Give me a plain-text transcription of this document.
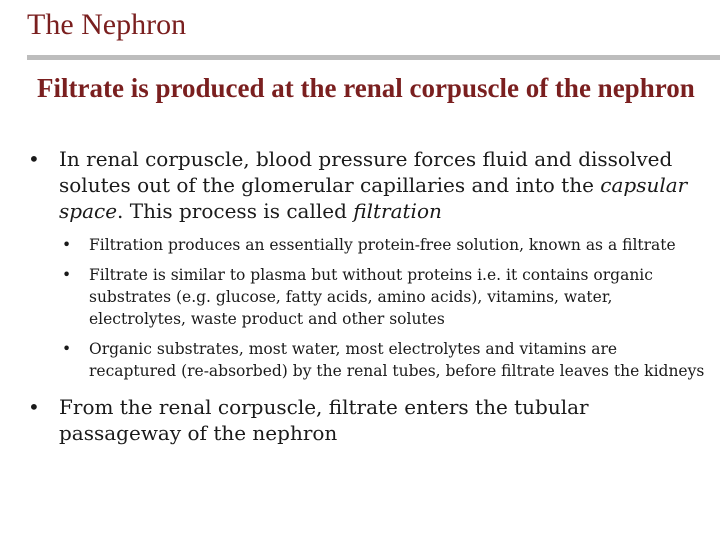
The Nephron
Filtrate is produced at the renal corpuscle of the nephron
• In renal corpuscle, blood pressure forces fluid and dissolved solutes out of the glomerular capillaries and into the capsular space. This process is called filtration
• Filtration produces an essentially protein-free solution, known as a filtrate
• Filtrate is similar to plasma but without proteins i.e. it contains organic substrates (e.g. glucose, fatty acids, amino acids), vitamins, water, electrolytes, waste product and other solutes
• Organic substrates, most water, most electrolytes and vitamins are recaptured (re-absorbed) by the renal tubes, before filtrate leaves the kidneys
• From the renal corpuscle, filtrate enters the tubular passageway of the nephron
